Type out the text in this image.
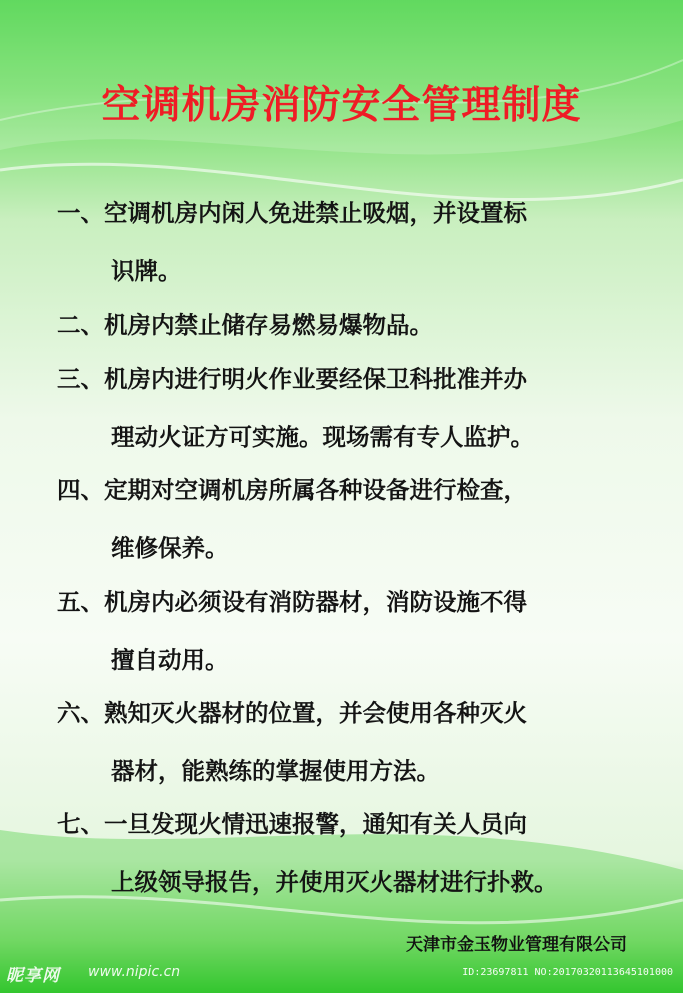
空调机房消防安全管理制度
一、空调机房内闲人免进禁止吸烟，并设置标
识牌。
二、机房内禁止储存易燃易爆物品。
三、机房内进行明火作业要经保卫科批准并办
理动火证方可实施。现场需有专人监护。
四、定期对空调机房所属各种设备进行检查，
维修保养。
五、机房内必须设有消防器材，消防设施不得
擅自动用。
六、熟知灭火器材的位置，并会使用各种灭火
器材，能熟练的掌握使用方法。
七、一旦发现火情迅速报警，通知有关人员向
上级领导报告，并使用灭火器材进行扑救。
天津市金玉物业管理有限公司
昵享网 www.nipic.cn	ID:23697811 NO:20170320113645101000
